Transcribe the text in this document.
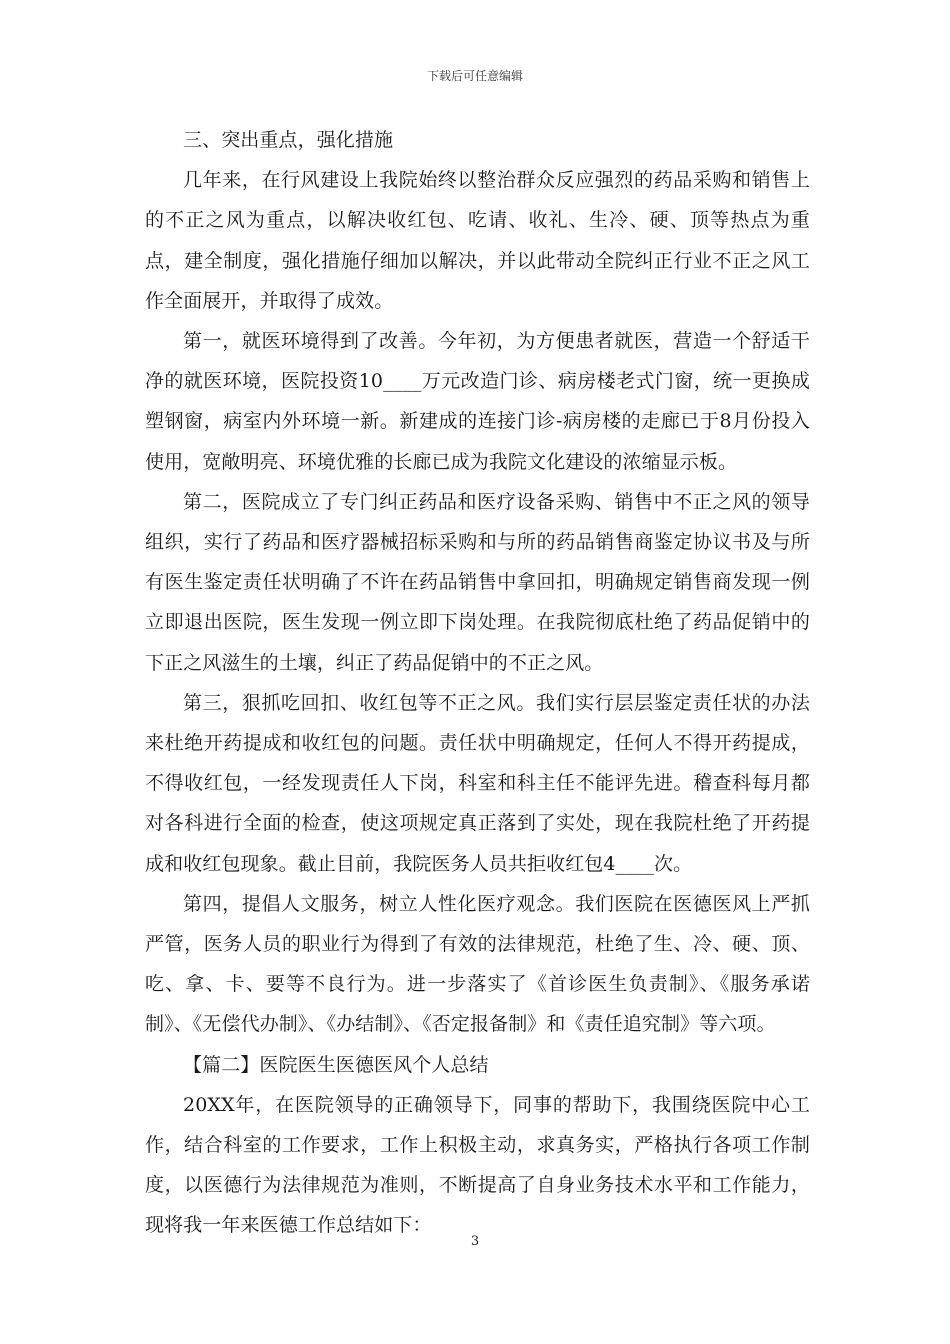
下载后可任意编辑

三、突出重点，强化措施

几年来，在行风建设上我院始终以整治群众反应强烈的药品采购和销售上的不正之风为重点，以解决收红包、吃请、收礼、生冷、硬、顶等热点为重点，建全制度，强化措施仔细加以解决，并以此带动全院纠正行业不正之风工作全面展开，并取得了成效。

第一，就医环境得到了改善。今年初，为方便患者就医，营造一个舒适干净的就医环境，医院投资10____万元改造门诊、病房楼老式门窗，统一更换成塑钢窗，病室内外环境一新。新建成的连接门诊-病房楼的走廊已于8月份投入使用，宽敞明亮、环境优雅的长廊已成为我院文化建设的浓缩显示板。

第二，医院成立了专门纠正药品和医疗设备采购、销售中不正之风的领导组织，实行了药品和医疗器械招标采购和与所的药品销售商鉴定协议书及与所有医生鉴定责任状明确了不许在药品销售中拿回扣，明确规定销售商发现一例立即退出医院，医生发现一例立即下岗处理。在我院彻底杜绝了药品促销中的下正之风滋生的土壤，纠正了药品促销中的不正之风。

第三，狠抓吃回扣、收红包等不正之风。我们实行层层鉴定责任状的办法来杜绝开药提成和收红包的问题。责任状中明确规定，任何人不得开药提成，不得收红包，一经发现责任人下岗，科室和科主任不能评先进。稽查科每月都对各科进行全面的检查，使这项规定真正落到了实处，现在我院杜绝了开药提成和收红包现象。截止目前，我院医务人员共拒收红包4____次。

第四，提倡人文服务，树立人性化医疗观念。我们医院在医德医风上严抓严管，医务人员的职业行为得到了有效的法律规范，杜绝了生、冷、硬、顶、吃、拿、卡、要等不良行为。进一步落实了《首诊医生负责制》、《服务承诺制》、《无偿代办制》、《办结制》、《否定报备制》和《责任追究制》等六项。

【篇二】医院医生医德医风个人总结

20XX年，在医院领导的正确领导下，同事的帮助下，我围绕医院中心工作，结合科室的工作要求，工作上积极主动，求真务实，严格执行各项工作制度，以医德行为法律规范为准则，不断提高了自身业务技术水平和工作能力，现将我一年来医德工作总结如下：

3
